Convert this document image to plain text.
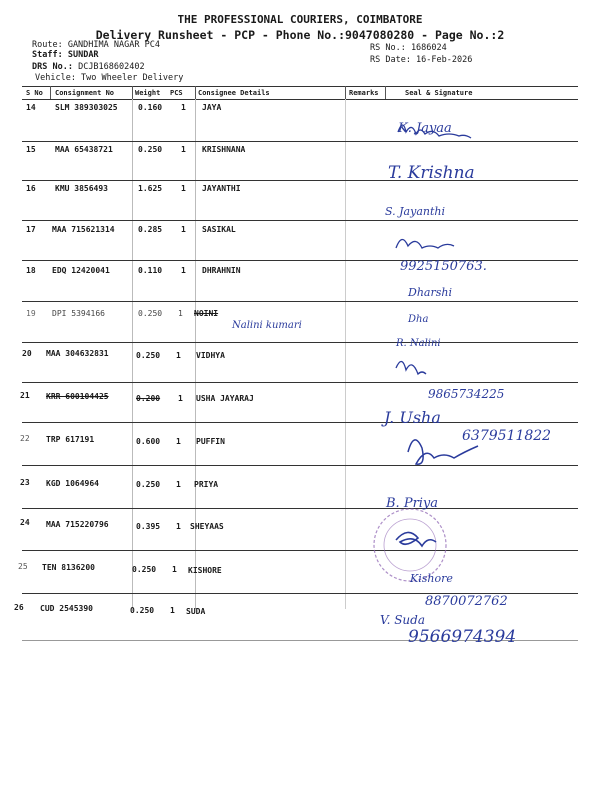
THE PROFESSIONAL COURIERS, COIMBATORE
Delivery Runsheet - PCP - Phone No.:9047080280 - Page No.:2
Route: GANDHIMA NAGAR PC4
Staff: SUNDAR
DRS No.: DCJB168602402
Vehicle: Two Wheeler Delivery
RS No.: 1686024
RS Date: 16-Feb-2026
S No Consignment No	Weight PCS Consignee Details	Remarks	Seal & Signature
14 SLM 389303025	0.160 1 JAYA
15 MAA 65438721	0.250 1 KRISHNANA
16 KMU 3856493	1.625 1 JAYANTHI
17 MAA 715621314	0.285 1 SASIKAL
18 EDQ 12420041	0.110 1 DHRAHNIN
19 DPI 5394166	0.250 1 NOINI
20 MAA 304632831	0.250 1 VIDHYA
21 KRR 600104425	0.200 1 USHA JAYARAJ
22 TRP 617191	0.600 1 PUFFIN
23 KGD 1064964	0.250 1 PRIYA
24 MAA 715220796	0.395 1 SHEYAAS
25 TEN 8136200	0.250 1 KISHORE
26 CUD 2545390	0.250 1 SUDA
K. Jayaa
T. Krishna
S. Jayanthi
9925150763.
Dharshi
Nalini kumari
Dha
R. Nalini
9865734225
J. Usha
6379511822
B. Priya
Kishore
8870072762
V. Suda
9566974394
